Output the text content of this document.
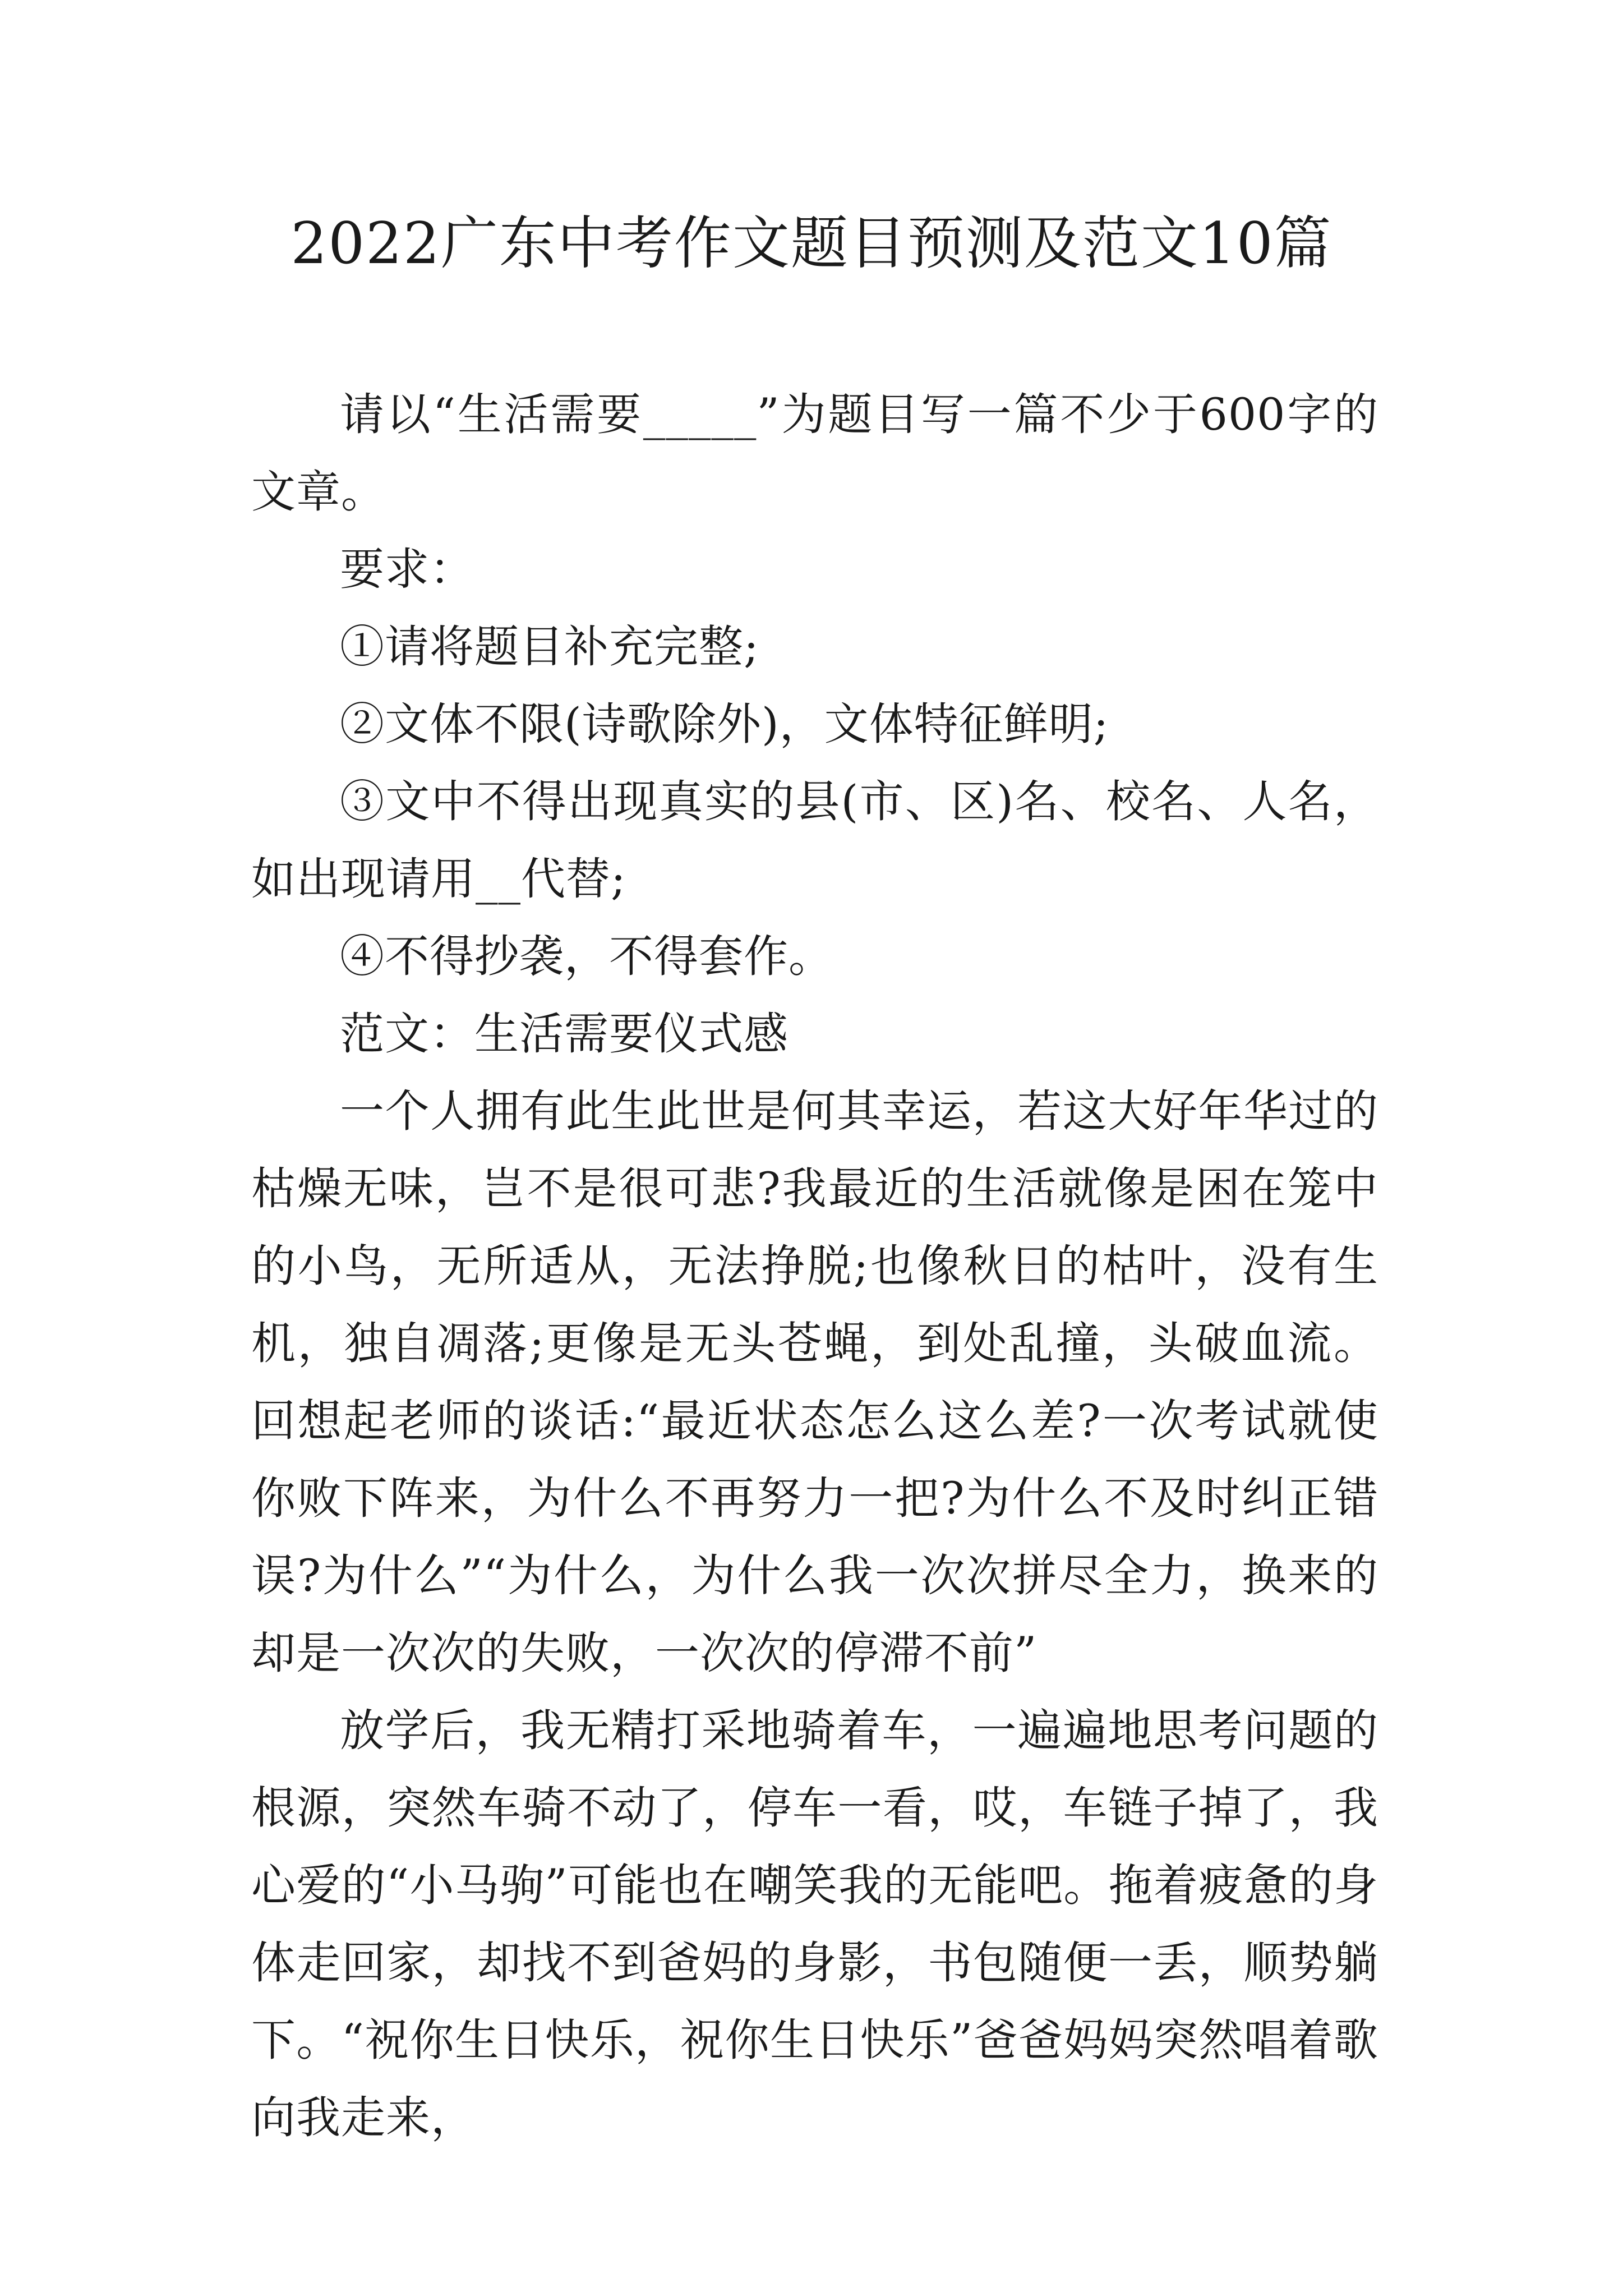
2022广东中考作文题目预测及范文10篇

请以“生活需要_____”为题目写一篇不少于600字的文章。

要求：

①请将题目补充完整;

②文体不限(诗歌除外)，文体特征鲜明;

③文中不得出现真实的县(市、区)名、校名、人名，如出现请用__代替;

④不得抄袭，不得套作。

范文：生活需要仪式感

一个人拥有此生此世是何其幸运，若这大好年华过的枯燥无味，岂不是很可悲?我最近的生活就像是困在笼中的小鸟，无所适从，无法挣脱;也像秋日的枯叶，没有生机，独自凋落;更像是无头苍蝇，到处乱撞，头破血流。回想起老师的谈话:“最近状态怎么这么差?一次考试就使你败下阵来，为什么不再努力一把?为什么不及时纠正错误?为什么”“为什么，为什么我一次次拼尽全力，换来的却是一次次的失败，一次次的停滞不前”

放学后，我无精打采地骑着车，一遍遍地思考问题的根源，突然车骑不动了，停车一看，哎，车链子掉了，我心爱的“小马驹”可能也在嘲笑我的无能吧。拖着疲惫的身体走回家，却找不到爸妈的身影，书包随便一丢，顺势躺下。“祝你生日快乐，祝你生日快乐”爸爸妈妈突然唱着歌向我走来，
